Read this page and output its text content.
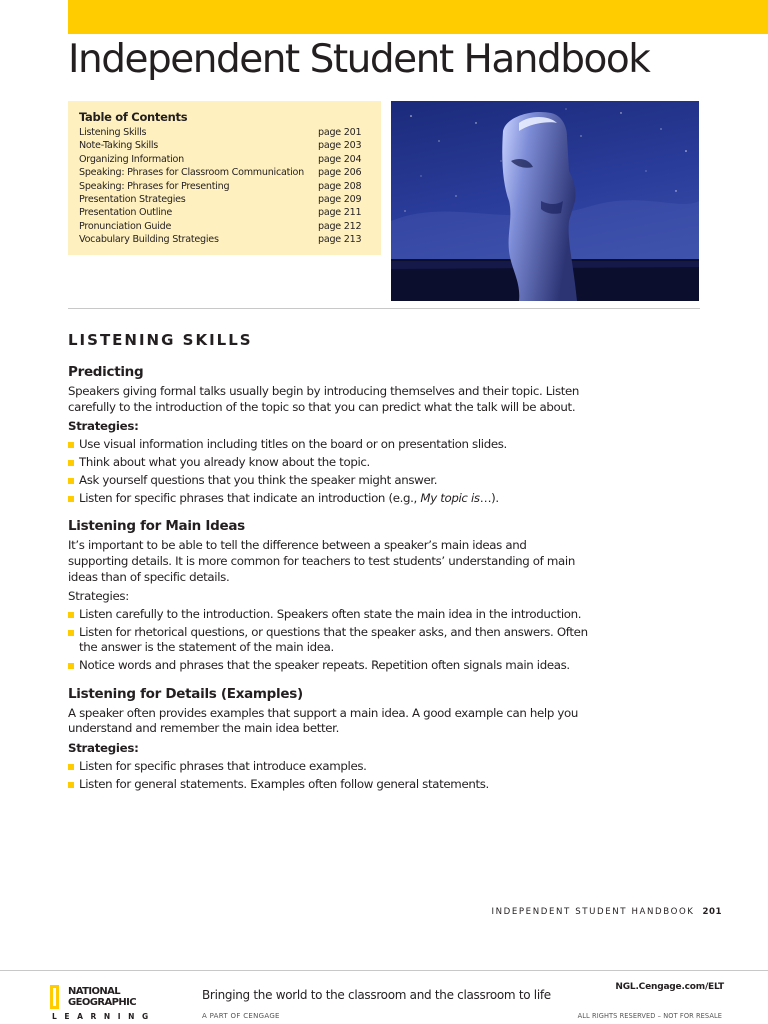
Independent Student Handbook
Table of Contents
Listening Skills	page 201
Note-Taking Skills	page 203
Organizing Information	page 204
Speaking: Phrases for Classroom Communication page 206
Speaking: Phrases for Presenting	page 208
Presentation Strategies	page 209
Presentation Outline	page 211
Pronunciation Guide	page 212
Vocabulary Building Strategies	page 213
LISTENING SKILLS

Predicting

Speakers giving formal talks usually begin by introducing themselves and their topic. Listen carefully to the introduction of the topic so that you can predict what the talk will be about.

Strategies:

Use visual information including titles on the board or on presentation slides.
Think about what you already know about the topic.
Ask yourself questions that you think the speaker might answer.
Listen for specific phrases that indicate an introduction (e.g., My topic is…).

Listening for Main Ideas

It’s important to be able to tell the difference between a speaker’s main ideas and supporting details. It is more common for teachers to test students’ understanding of main ideas than of specific details.

Strategies:

Listen carefully to the introduction. Speakers often state the main idea in the introduction.
Listen for rhetorical questions, or questions that the speaker asks, and then answers. Often the answer is the statement of the main idea.
Notice words and phrases that the speaker repeats. Repetition often signals main ideas.

Listening for Details (Examples)

A speaker often provides examples that support a main idea. A good example can help you understand and remember the main idea better.

Strategies:

Listen for specific phrases that introduce examples.
Listen for general statements. Examples often follow general statements.
INDEPENDENT STUDENT HANDBOOK 201
NATIONAL
GEOGRAPHIC
LEARNING
Bringing the world to the classroom and the classroom to life
A PART OF CENGAGE
NGL.Cengage.com/ELT
ALL RIGHTS RESERVED – NOT FOR RESALE
